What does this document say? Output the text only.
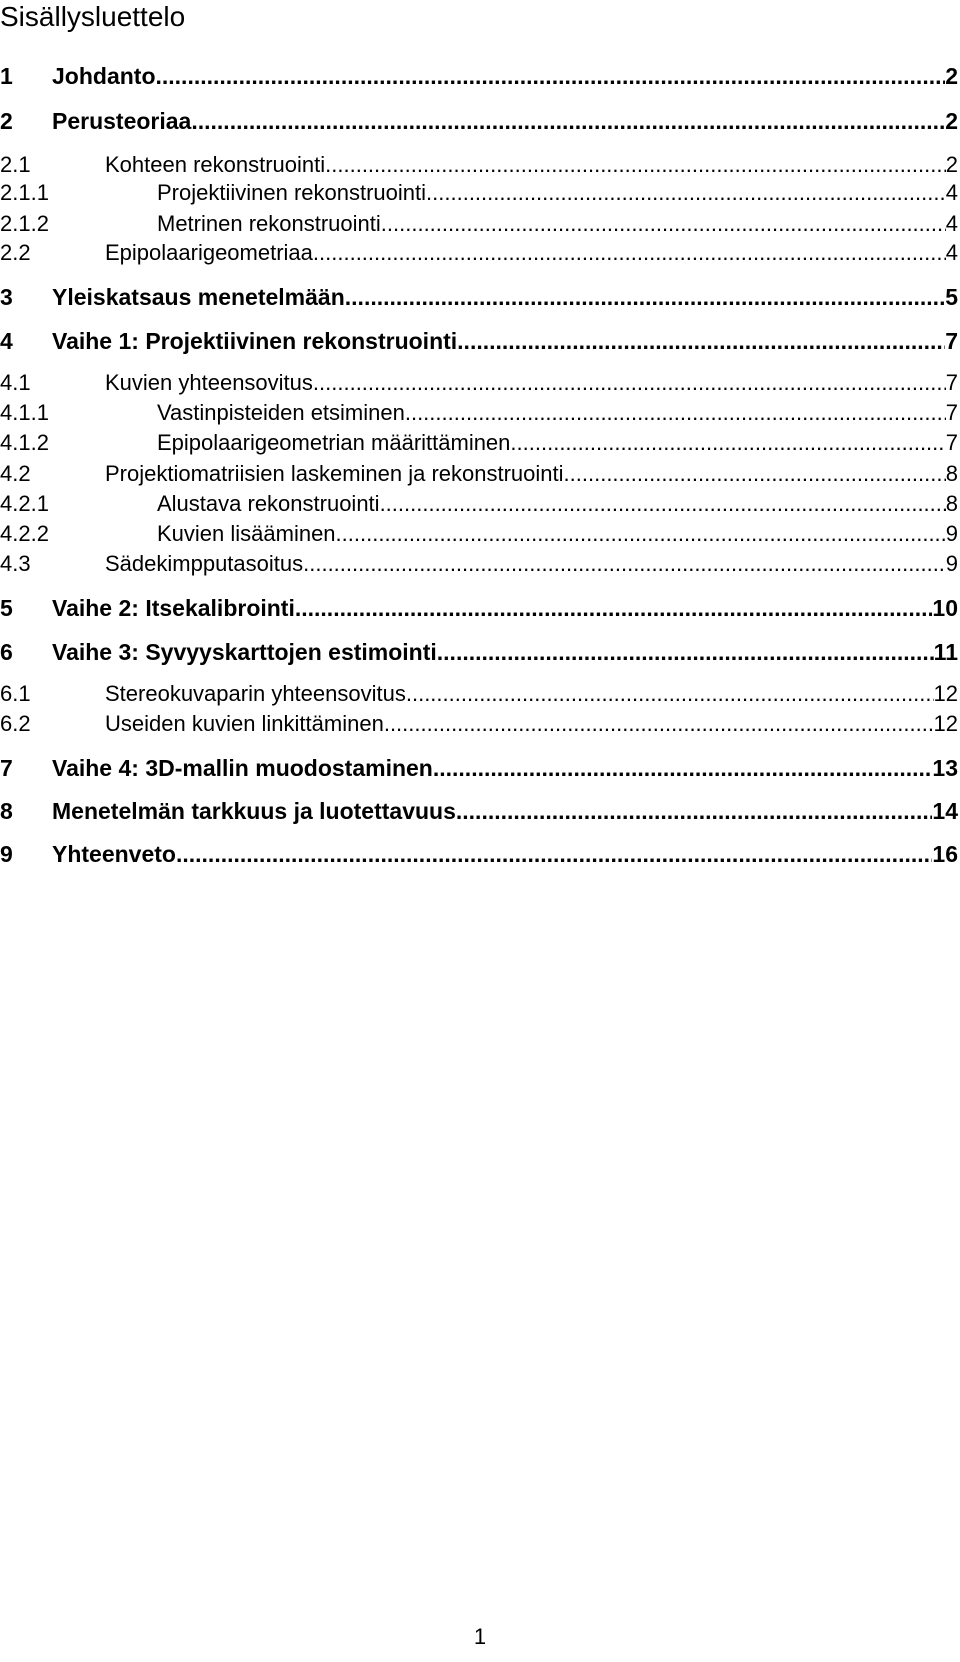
Sisällysluettelo
1	Johdanto .....	2
2	Perusteoriaa .....	2
2.1	Kohteen rekonstruointi .....	2
2.1.1	Projektiivinen rekonstruointi .....	4
2.1.2	Metrinen rekonstruointi .....	4
2.2	Epipolaarigeometriaa .....	4
3	Yleiskatsaus menetelmään .....	5
4	Vaihe 1: Projektiivinen rekonstruointi .....	7
4.1	Kuvien yhteensovitus .....	7
4.1.1	Vastinpisteiden etsiminen .....	7
4.1.2	Epipolaarigeometrian määrittäminen .....	7
4.2	Projektiomatriisien laskeminen ja rekonstruointi .....	8
4.2.1	Alustava rekonstruointi .....	8
4.2.2	Kuvien lisääminen .....	9
4.3	Sädekimpputasoitus .....	9
5	Vaihe 2: Itsekalibrointi .....	10
6	Vaihe 3: Syvyyskarttojen estimointi .....	11
6.1	Stereokuvaparin yhteensovitus .....	12
6.2	Useiden kuvien linkittäminen .....	12
7	Vaihe 4: 3D-mallin muodostaminen .....	13
8	Menetelmän tarkkuus ja luotettavuus .....	14
9	Yhteenveto .....	16
1
